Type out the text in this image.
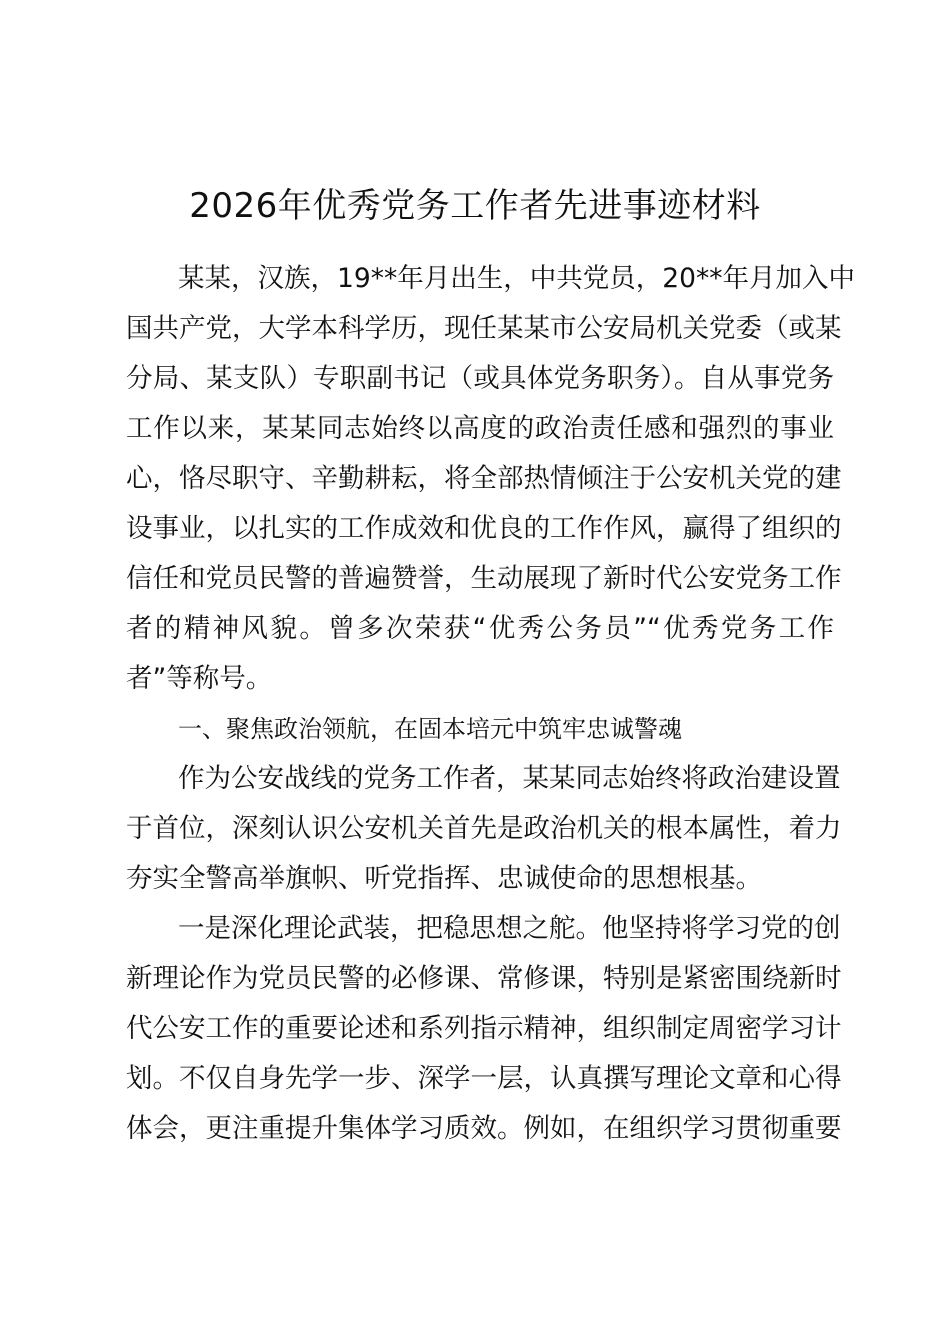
2026年优秀党务工作者先进事迹材料
某某，汉族，19**年月出生，中共党员，20**年月加入中
国共产党，大学本科学历，现任某某市公安局机关党委（或某
分局、某支队）专职副书记（或具体党务职务）。自从事党务
工作以来，某某同志始终以高度的政治责任感和强烈的事业
心，恪尽职守、辛勤耕耘，将全部热情倾注于公安机关党的建
设事业，以扎实的工作成效和优良的工作作风，赢得了组织的
信任和党员民警的普遍赞誉，生动展现了新时代公安党务工作
者的精神风貌。曾多次荣获“优秀公务员”“优秀党务工作
者”等称号。
一、聚焦政治领航，在固本培元中筑牢忠诚警魂
作为公安战线的党务工作者，某某同志始终将政治建设置
于首位，深刻认识公安机关首先是政治机关的根本属性，着力
夯实全警高举旗帜、听党指挥、忠诚使命的思想根基。
一是深化理论武装，把稳思想之舵。他坚持将学习党的创
新理论作为党员民警的必修课、常修课，特别是紧密围绕新时
代公安工作的重要论述和系列指示精神，组织制定周密学习计
划。不仅自身先学一步、深学一层，认真撰写理论文章和心得
体会，更注重提升集体学习质效。例如，在组织学习贯彻重要
